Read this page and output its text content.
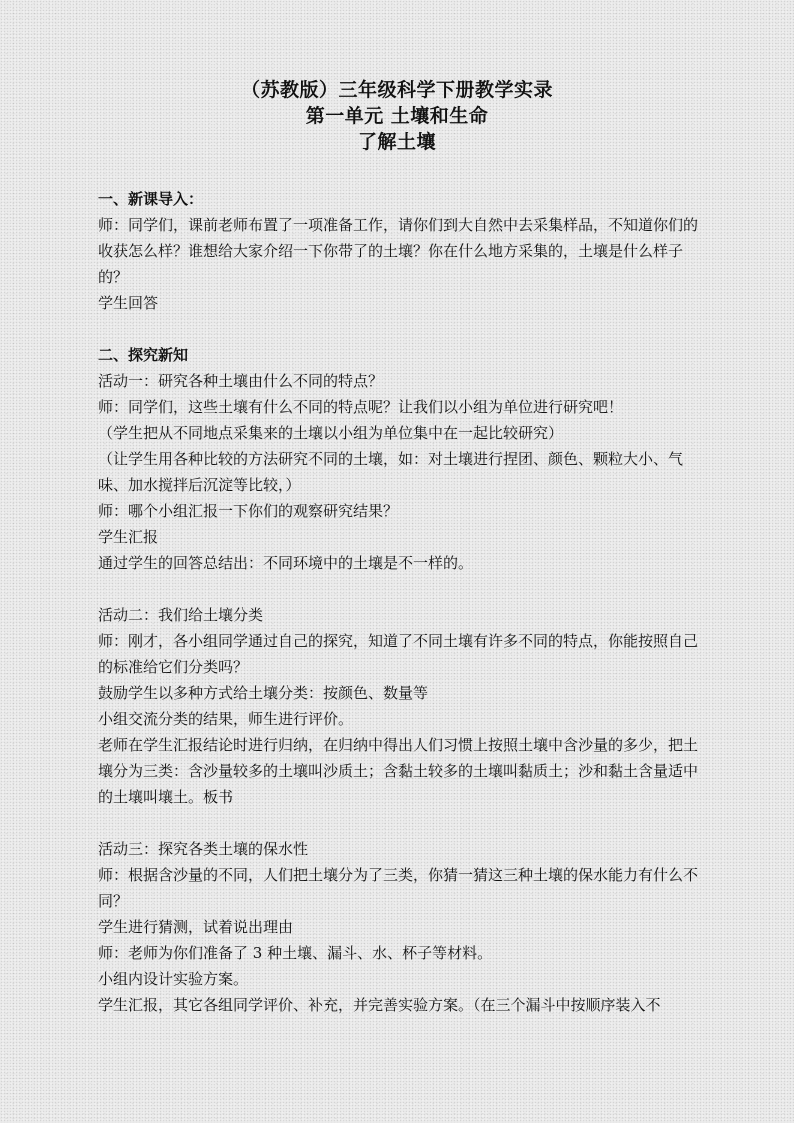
（苏教版）三年级科学下册教学实录
第一单元 土壤和生命
了解土壤
一、新课导入：
师：同学们，课前老师布置了一项准备工作，请你们到大自然中去采集样品，不知道你们的收获怎么样？谁想给大家介绍一下你带了的土壤？你在什么地方采集的，土壤是什么样子的？
学生回答
二、探究新知
活动一：研究各种土壤由什么不同的特点？
师：同学们，这些土壤有什么不同的特点呢？让我们以小组为单位进行研究吧！
（学生把从不同地点采集来的土壤以小组为单位集中在一起比较研究）
（让学生用各种比较的方法研究不同的土壤，如：对土壤进行捏团、颜色、颗粒大小、气味、加水搅拌后沉淀等比较，）
师：哪个小组汇报一下你们的观察研究结果？
学生汇报
通过学生的回答总结出：不同环境中的土壤是不一样的。
活动二：我们给土壤分类
师：刚才，各小组同学通过自己的探究，知道了不同土壤有许多不同的特点，你能按照自己的标准给它们分类吗？
鼓励学生以多种方式给土壤分类：按颜色、数量等
小组交流分类的结果，师生进行评价。
老师在学生汇报结论时进行归纳，在归纳中得出人们习惯上按照土壤中含沙量的多少，把土壤分为三类：含沙量较多的土壤叫沙质土；含黏土较多的土壤叫黏质土；沙和黏土含量适中的土壤叫壤土。板书
活动三：探究各类土壤的保水性
师：根据含沙量的不同，人们把土壤分为了三类，你猜一猜这三种土壤的保水能力有什么不同？
学生进行猜测，试着说出理由
师：老师为你们准备了 3 种土壤、漏斗、水、杯子等材料。
小组内设计实验方案。
学生汇报，其它各组同学评价、补充，并完善实验方案。（在三个漏斗中按顺序装入不
